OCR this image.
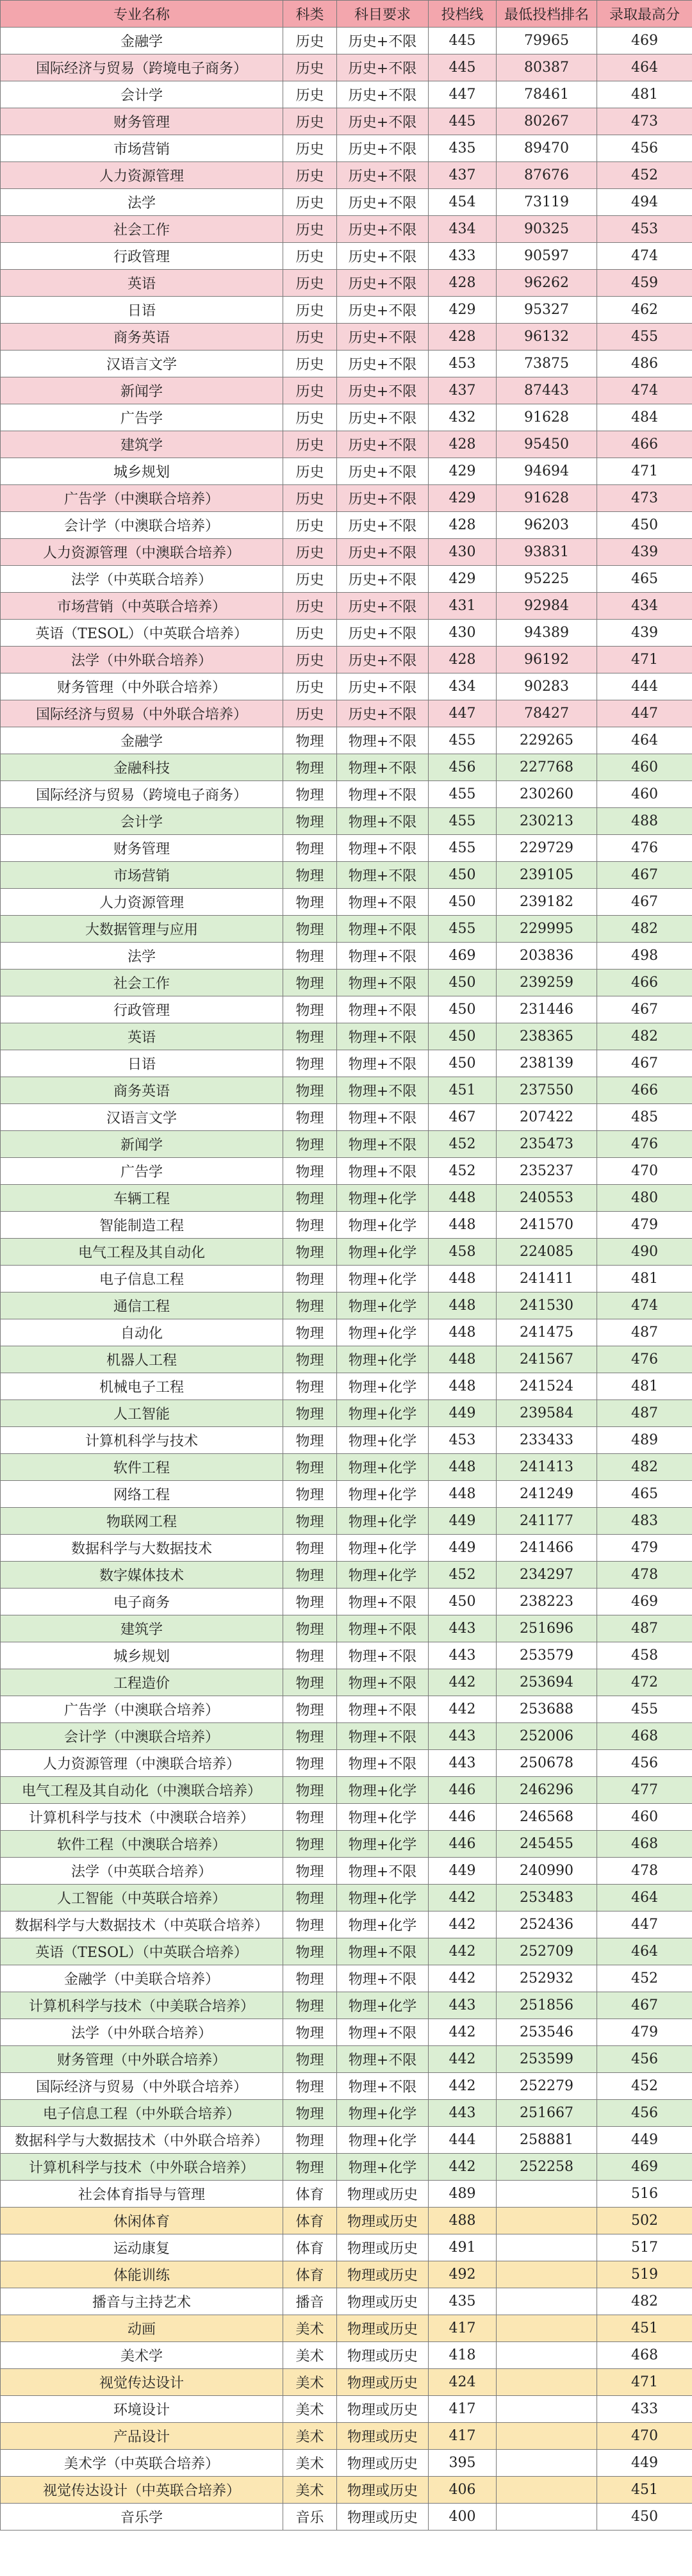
专业名称	科类	科目要求	投档线	最低投档排名	录取最高分
金融学	历史	历史+不限	445	79965	469
国际经济与贸易（跨境电子商务）	历史	历史+不限	445	80387	464
会计学	历史	历史+不限	447	78461	481
财务管理	历史	历史+不限	445	80267	473
市场营销	历史	历史+不限	435	89470	456
人力资源管理	历史	历史+不限	437	87676	452
法学	历史	历史+不限	454	73119	494
社会工作	历史	历史+不限	434	90325	453
行政管理	历史	历史+不限	433	90597	474
英语	历史	历史+不限	428	96262	459
日语	历史	历史+不限	429	95327	462
商务英语	历史	历史+不限	428	96132	455
汉语言文学	历史	历史+不限	453	73875	486
新闻学	历史	历史+不限	437	87443	474
广告学	历史	历史+不限	432	91628	484
建筑学	历史	历史+不限	428	95450	466
城乡规划	历史	历史+不限	429	94694	471
广告学（中澳联合培养）	历史	历史+不限	429	91628	473
会计学（中澳联合培养）	历史	历史+不限	428	96203	450
人力资源管理（中澳联合培养）	历史	历史+不限	430	93831	439
法学（中英联合培养）	历史	历史+不限	429	95225	465
市场营销（中英联合培养）	历史	历史+不限	431	92984	434
英语（TESOL）（中英联合培养）	历史	历史+不限	430	94389	439
法学（中外联合培养）	历史	历史+不限	428	96192	471
财务管理（中外联合培养）	历史	历史+不限	434	90283	444
国际经济与贸易（中外联合培养）	历史	历史+不限	447	78427	447
金融学	物理	物理+不限	455	229265	464
金融科技	物理	物理+不限	456	227768	460
国际经济与贸易（跨境电子商务）	物理	物理+不限	455	230260	460
会计学	物理	物理+不限	455	230213	488
财务管理	物理	物理+不限	455	229729	476
市场营销	物理	物理+不限	450	239105	467
人力资源管理	物理	物理+不限	450	239182	467
大数据管理与应用	物理	物理+不限	455	229995	482
法学	物理	物理+不限	469	203836	498
社会工作	物理	物理+不限	450	239259	466
行政管理	物理	物理+不限	450	231446	467
英语	物理	物理+不限	450	238365	482
日语	物理	物理+不限	450	238139	467
商务英语	物理	物理+不限	451	237550	466
汉语言文学	物理	物理+不限	467	207422	485
新闻学	物理	物理+不限	452	235473	476
广告学	物理	物理+不限	452	235237	470
车辆工程	物理	物理+化学	448	240553	480
智能制造工程	物理	物理+化学	448	241570	479
电气工程及其自动化	物理	物理+化学	458	224085	490
电子信息工程	物理	物理+化学	448	241411	481
通信工程	物理	物理+化学	448	241530	474
自动化	物理	物理+化学	448	241475	487
机器人工程	物理	物理+化学	448	241567	476
机械电子工程	物理	物理+化学	448	241524	481
人工智能	物理	物理+化学	449	239584	487
计算机科学与技术	物理	物理+化学	453	233433	489
软件工程	物理	物理+化学	448	241413	482
网络工程	物理	物理+化学	448	241249	465
物联网工程	物理	物理+化学	449	241177	483
数据科学与大数据技术	物理	物理+化学	449	241466	479
数字媒体技术	物理	物理+化学	452	234297	478
电子商务	物理	物理+不限	450	238223	469
建筑学	物理	物理+不限	443	251696	487
城乡规划	物理	物理+不限	443	253579	458
工程造价	物理	物理+不限	442	253694	472
广告学（中澳联合培养）	物理	物理+不限	442	253688	455
会计学（中澳联合培养）	物理	物理+不限	443	252006	468
人力资源管理（中澳联合培养）	物理	物理+不限	443	250678	456
电气工程及其自动化（中澳联合培养）	物理	物理+化学	446	246296	477
计算机科学与技术（中澳联合培养）	物理	物理+化学	446	246568	460
软件工程（中澳联合培养）	物理	物理+化学	446	245455	468
法学（中英联合培养）	物理	物理+不限	449	240990	478
人工智能（中英联合培养）	物理	物理+化学	442	253483	464
数据科学与大数据技术（中英联合培养）	物理	物理+化学	442	252436	447
英语（TESOL）（中英联合培养）	物理	物理+不限	442	252709	464
金融学（中美联合培养）	物理	物理+不限	442	252932	452
计算机科学与技术（中美联合培养）	物理	物理+化学	443	251856	467
法学（中外联合培养）	物理	物理+不限	442	253546	479
财务管理（中外联合培养）	物理	物理+不限	442	253599	456
国际经济与贸易（中外联合培养）	物理	物理+不限	442	252279	452
电子信息工程（中外联合培养）	物理	物理+化学	443	251667	456
数据科学与大数据技术（中外联合培养）	物理	物理+化学	444	258881	449
计算机科学与技术（中外联合培养）	物理	物理+化学	442	252258	469
社会体育指导与管理	体育	物理或历史	489		516
休闲体育	体育	物理或历史	488		502
运动康复	体育	物理或历史	491		517
体能训练	体育	物理或历史	492		519
播音与主持艺术	播音	物理或历史	435		482
动画	美术	物理或历史	417		451
美术学	美术	物理或历史	418		468
视觉传达设计	美术	物理或历史	424		471
环境设计	美术	物理或历史	417		433
产品设计	美术	物理或历史	417		470
美术学（中英联合培养）	美术	物理或历史	395		449
视觉传达设计（中英联合培养）	美术	物理或历史	406		451
音乐学	音乐	物理或历史	400		450
